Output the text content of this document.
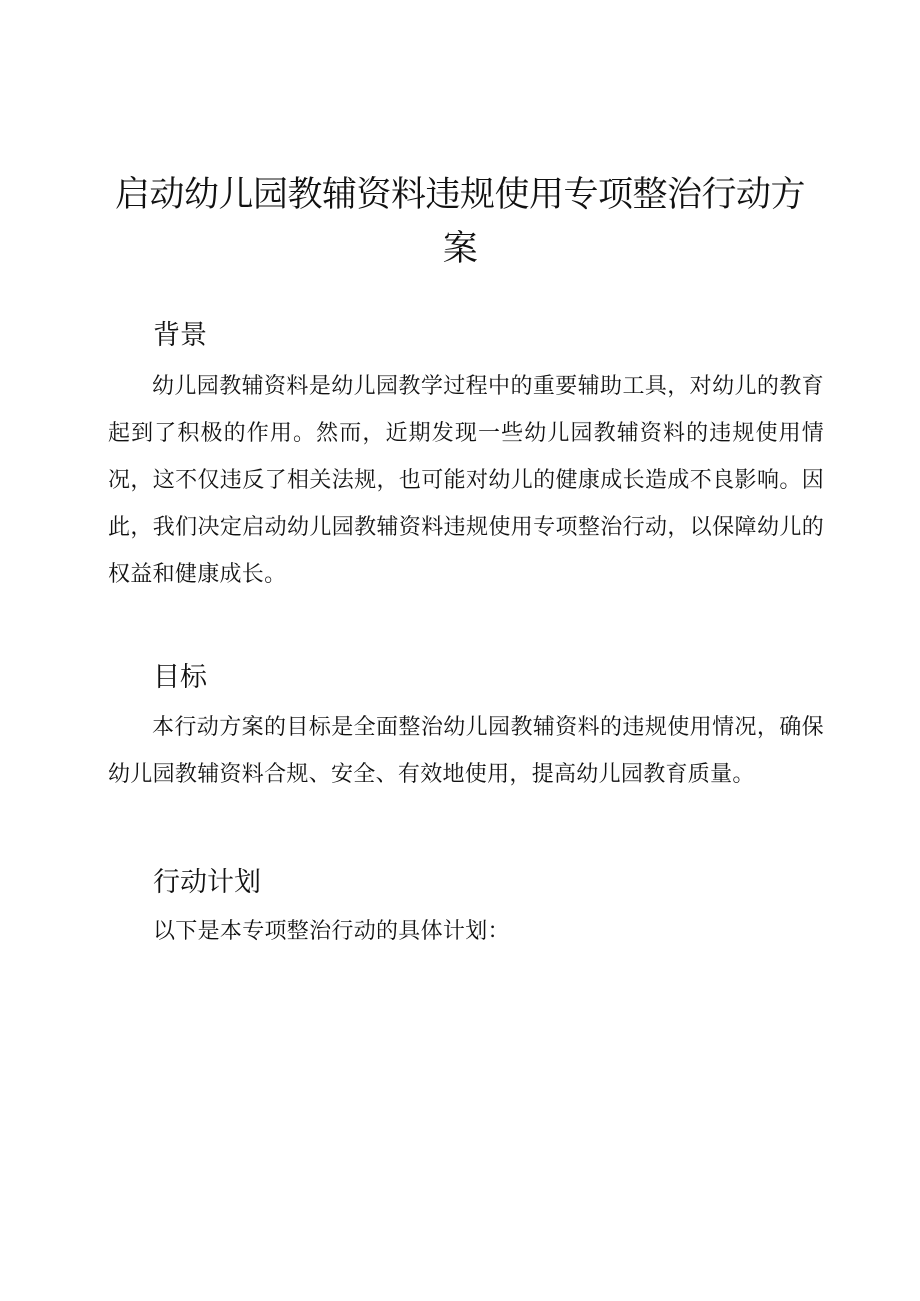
启动幼儿园教辅资料违规使用专项整治行动方案
背景

幼儿园教辅资料是幼儿园教学过程中的重要辅助工具，对幼儿的教育起到了积极的作用。然而，近期发现一些幼儿园教辅资料的违规使用情况，这不仅违反了相关法规，也可能对幼儿的健康成长造成不良影响。因此，我们决定启动幼儿园教辅资料违规使用专项整治行动，以保障幼儿的权益和健康成长。

目标

本行动方案的目标是全面整治幼儿园教辅资料的违规使用情况，确保幼儿园教辅资料合规、安全、有效地使用，提高幼儿园教育质量。

行动计划

以下是本专项整治行动的具体计划：
